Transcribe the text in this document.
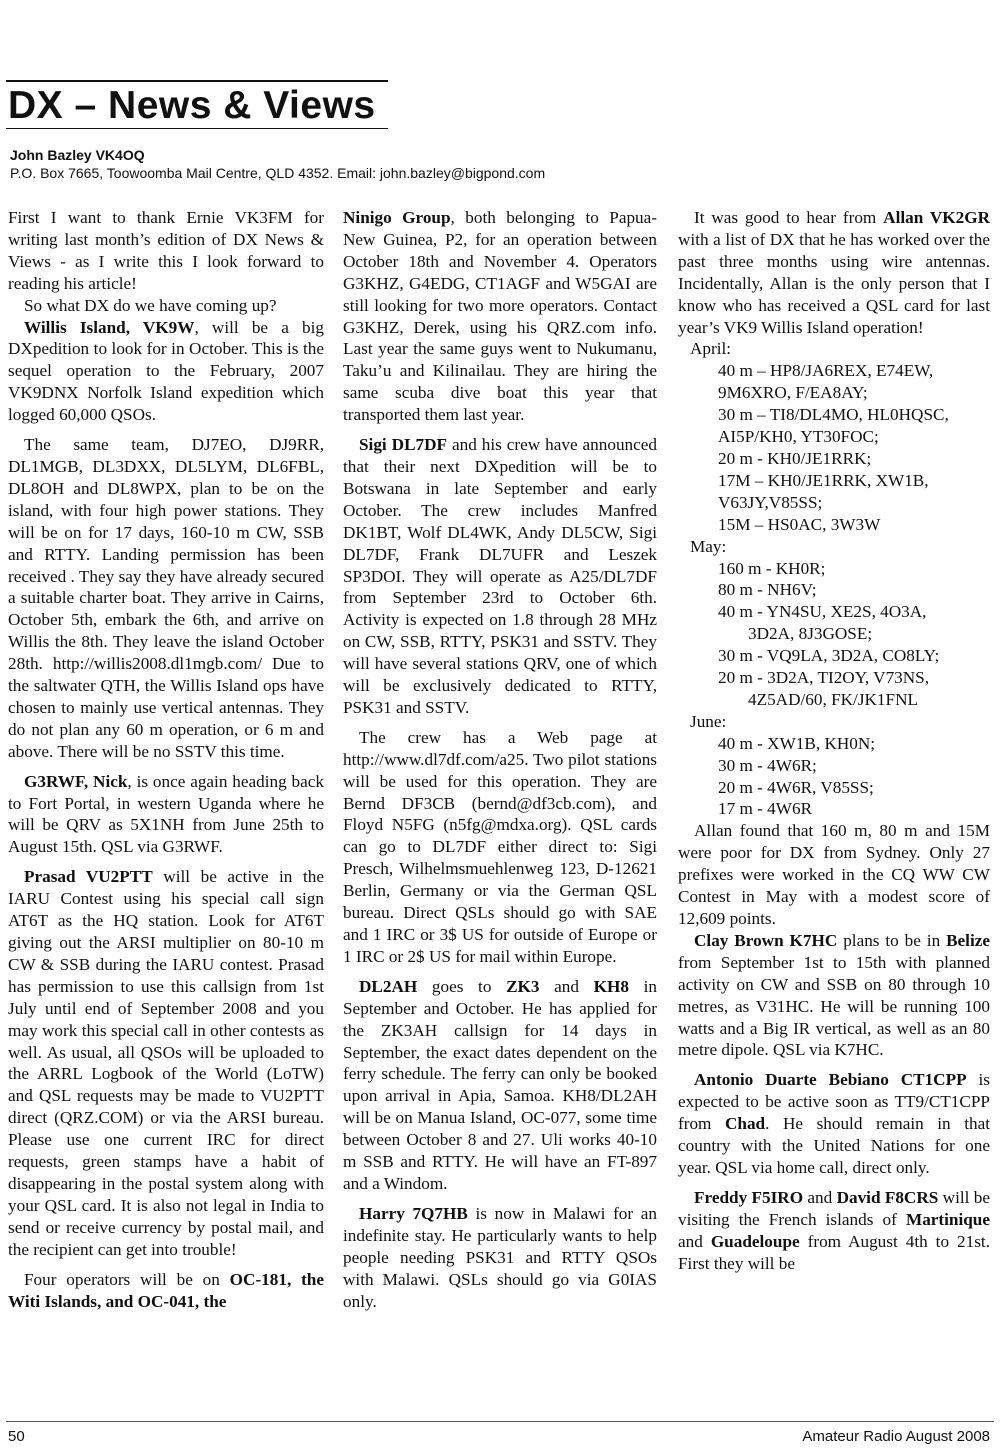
DX – News & Views
John Bazley VK4OQ
P.O. Box 7665, Toowoomba Mail Centre, QLD 4352. Email: john.bazley@bigpond.com

First I want to thank Ernie VK3FM for writing last month’s edition of DX News & Views - as I write this I look forward to reading his article!

So what DX do we have coming up?

Willis Island, VK9W, will be a big DXpedition to look for in October. This is the sequel operation to the February, 2007 VK9DNX Norfolk Island expedition which logged 60,000 QSOs.

The same team, DJ7EO, DJ9RR, DL1MGB, DL3DXX, DL5LYM, DL6FBL, DL8OH and DL8WPX, plan to be on the island, with four high power stations. They will be on for 17 days, 160-10 m CW, SSB and RTTY. Landing permission has been received . They say they have already secured a suitable charter boat. They arrive in Cairns, October 5th, embark the 6th, and arrive on Willis the 8th. They leave the island October 28th. http://willis2008.dl1mgb.com/ Due to the saltwater QTH, the Willis Island ops have chosen to mainly use vertical antennas. They do not plan any 60 m operation, or 6 m and above. There will be no SSTV this time.

G3RWF, Nick, is once again heading back to Fort Portal, in western Uganda where he will be QRV as 5X1NH from June 25th to August 15th. QSL via G3RWF.

Prasad VU2PTT will be active in the IARU Contest using his special call sign AT6T as the HQ station. Look for AT6T giving out the ARSI multiplier on 80-10 m CW & SSB during the IARU contest. Prasad has permission to use this callsign from 1st July until end of September 2008 and you may work this special call in other contests as well. As usual, all QSOs will be uploaded to the ARRL Logbook of the World (LoTW) and QSL requests may be made to VU2PTT direct (QRZ.COM) or via the ARSI bureau. Please use one current IRC for direct requests, green stamps have a habit of disappearing in the postal system along with your QSL card. It is also not legal in India to send or receive currency by postal mail, and the recipient can get into trouble!

Four operators will be on OC-181, the Witi Islands, and OC-041, the

Ninigo Group, both belonging to Papua-New Guinea, P2, for an operation between October 18th and November 4. Operators G3KHZ, G4EDG, CT1AGF and W5GAI are still looking for two more operators. Contact G3KHZ, Derek, using his QRZ.com info. Last year the same guys went to Nukumanu, Taku’u and Kilinailau. They are hiring the same scuba dive boat this year that transported them last year.

Sigi DL7DF and his crew have announced that their next DXpedition will be to Botswana in late September and early October. The crew includes Manfred DK1BT, Wolf DL4WK, Andy DL5CW, Sigi DL7DF, Frank DL7UFR and Leszek SP3DOI. They will operate as A25/DL7DF from September 23rd to October 6th. Activity is expected on 1.8 through 28 MHz on CW, SSB, RTTY, PSK31 and SSTV. They will have several stations QRV, one of which will be exclusively dedicated to RTTY, PSK31 and SSTV.

The crew has a Web page at http://www.dl7df.com/a25. Two pilot stations will be used for this operation. They are Bernd DF3CB (bernd@df3cb.com), and Floyd N5FG (n5fg@mdxa.org). QSL cards can go to DL7DF either direct to: Sigi Presch, Wilhelmsmuehlenweg 123, D-12621 Berlin, Germany or via the German QSL bureau. Direct QSLs should go with SAE and 1 IRC or 3$ US for outside of Europe or 1 IRC or 2$ US for mail within Europe.

DL2AH goes to ZK3 and KH8 in September and October. He has applied for the ZK3AH callsign for 14 days in September, the exact dates dependent on the ferry schedule. The ferry can only be booked upon arrival in Apia, Samoa. KH8/DL2AH will be on Manua Island, OC-077, some time between October 8 and 27. Uli works 40-10 m SSB and RTTY. He will have an FT-897 and a Windom.

Harry 7Q7HB is now in Malawi for an indefinite stay. He particularly wants to help people needing PSK31 and RTTY QSOs with Malawi. QSLs should go via G0IAS only.

It was good to hear from Allan VK2GR with a list of DX that he has worked over the past three months using wire antennas. Incidentally, Allan is the only person that I know who has received a QSL card for last year’s VK9 Willis Island operation!

April:
40 m – HP8/JA6REX, E74EW,
9M6XRO, F/EA8AY;
30 m – TI8/DL4MO, HL0HQSC,
AI5P/KH0, YT30FOC;
20 m - KH0/JE1RRK;
17M – KH0/JE1RRK, XW1B,
V63JY,V85SS;
15M – HS0AC, 3W3W
May:
160 m - KH0R;
80 m - NH6V;
40 m - YN4SU, XE2S, 4O3A,
3D2A, 8J3GOSE;
30 m - VQ9LA, 3D2A, CO8LY;
20 m - 3D2A, TI2OY, V73NS,
4Z5AD/60, FK/JK1FNL
June:
40 m - XW1B, KH0N;
30 m - 4W6R;
20 m - 4W6R, V85SS;
17 m - 4W6R

Allan found that 160 m, 80 m and 15M were poor for DX from Sydney. Only 27 prefixes were worked in the CQ WW CW Contest in May with a modest score of 12,609 points.

Clay Brown K7HC plans to be in Belize from September 1st to 15th with planned activity on CW and SSB on 80 through 10 metres, as V31HC. He will be running 100 watts and a Big IR vertical, as well as an 80 metre dipole. QSL via K7HC.

Antonio Duarte Bebiano CT1CPP is expected to be active soon as TT9/CT1CPP from Chad. He should remain in that country with the United Nations for one year. QSL via home call, direct only.

Freddy F5IRO and David F8CRS will be visiting the French islands of Martinique and Guadeloupe from August 4th to 21st. First they will be

50	Amateur Radio August 2008
